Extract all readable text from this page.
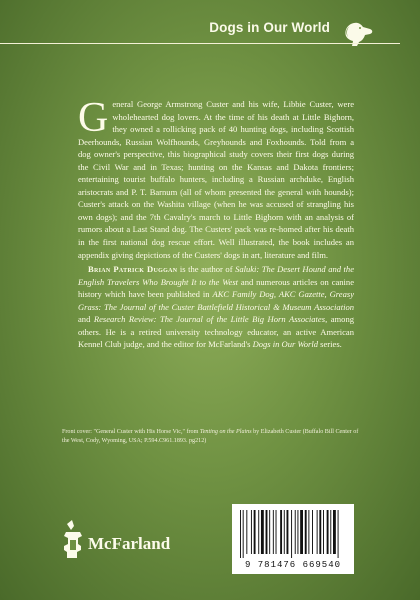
Dogs in Our World

General George Armstrong Custer and his wife, Libbie Custer, were wholehearted dog lovers. At the time of his death at Little Bighorn, they owned a rollicking pack of 40 hunting dogs, including Scottish Deerhounds, Russian Wolfhounds, Greyhounds and Foxhounds. Told from a dog owner's perspective, this biographical study covers their first dogs during the Civil War and in Texas; hunting on the Kansas and Dakota frontiers; entertaining tourist buffalo hunters, including a Russian archduke, English aristocrats and P. T. Barnum (all of whom presented the general with hounds); Custer's attack on the Washita village (when he was accused of strangling his own dogs); and the 7th Cavalry's march to Little Bighorn with an analysis of rumors about a Last Stand dog. The Custers' pack was re-homed after his death in the first national dog rescue effort. Well illustrated, the book includes an appendix giving depictions of the Custers' dogs in art, literature and film.

Brian Patrick Duggan is the author of Saluki: The Desert Hound and the English Travelers Who Brought It to the West and numerous articles on canine history which have been published in AKC Family Dog, AKC Gazette, Greasy Grass: The Journal of the Custer Battlefield Historical & Museum Association and Research Review: The Journal of the Little Big Horn Associates, among others. He is a retired university technology educator, an active American Kennel Club judge, and the editor for McFarland's Dogs in Our World series.

Front cover: "General Custer with His Horse Vic," from Tenting on the Plains by Elizabeth Custer (Buffalo Bill Center of the West, Cody, Wyoming, USA; P.594.C961.1893. pg212)
McFarland
9 781476 669540
